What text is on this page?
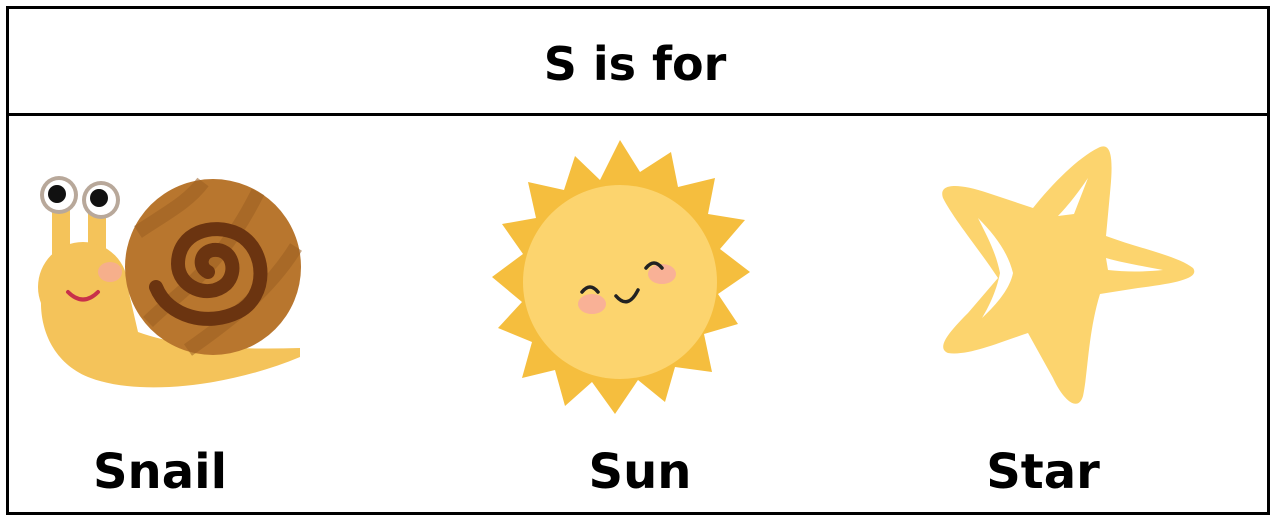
S is for
Snail	Sun	Star
